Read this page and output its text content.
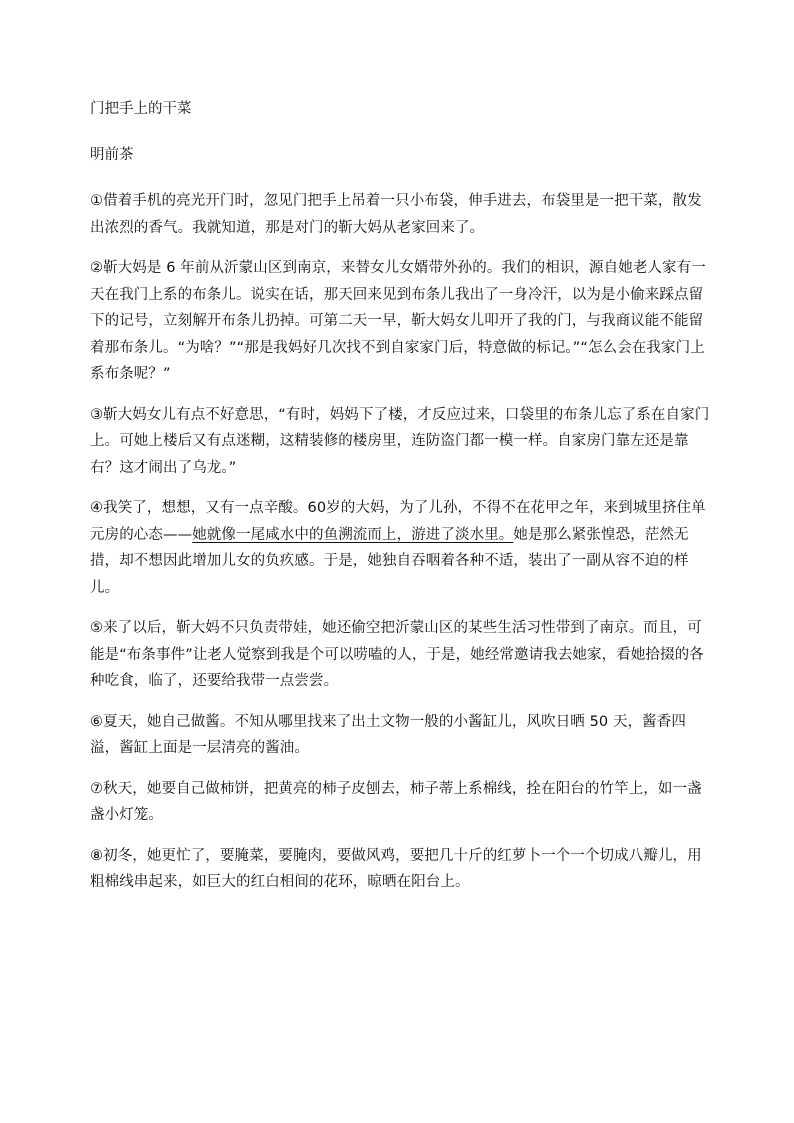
门把手上的干菜

明前茶

①借着手机的亮光开门时，忽见门把手上吊着一只小布袋，伸手进去，布袋里是一把干菜，散发出浓烈的香气。我就知道，那是对门的靳大妈从老家回来了。

②靳大妈是 6 年前从沂蒙山区到南京，来替女儿女婿带外孙的。我们的相识，源自她老人家有一天在我门上系的布条儿。说实在话，那天回来见到布条儿我出了一身冷汗，以为是小偷来踩点留下的记号，立刻解开布条儿扔掉。可第二天一早，靳大妈女儿叩开了我的门，与我商议能不能留着那布条儿。“为啥？”“那是我妈好几次找不到自家家门后，特意做的标记。”“怎么会在我家门上系布条呢？”

③靳大妈女儿有点不好意思，“有时，妈妈下了楼，才反应过来，口袋里的布条儿忘了系在自家门上。可她上楼后又有点迷糊，这精装修的楼房里，连防盗门都一模一样。自家房门靠左还是靠右？这才闹出了乌龙。”

④我笑了，想想，又有一点辛酸。60岁的大妈，为了儿孙，不得不在花甲之年，来到城里挤住单元房的心态——她就像一尾咸水中的鱼溯流而上，游进了淡水里。她是那么紧张惶恐，茫然无措，却不想因此增加儿女的负疚感。于是，她独自吞咽着各种不适，装出了一副从容不迫的样儿。

⑤来了以后，靳大妈不只负责带娃，她还偷空把沂蒙山区的某些生活习性带到了南京。而且，可能是“布条事件”让老人觉察到我是个可以唠嗑的人，于是，她经常邀请我去她家，看她拾掇的各种吃食，临了，还要给我带一点尝尝。

⑥夏天，她自己做酱。不知从哪里找来了出土文物一般的小酱缸儿，风吹日晒 50 天，酱香四溢，酱缸上面是一层清亮的酱油。

⑦秋天，她要自己做柿饼，把黄亮的柿子皮刨去，柿子蒂上系棉线，拴在阳台的竹竿上，如一盏盏小灯笼。

⑧初冬，她更忙了，要腌菜，要腌肉，要做风鸡，要把几十斤的红萝卜一个一个切成八瓣儿，用粗棉线串起来，如巨大的红白相间的花环，晾晒在阳台上。
